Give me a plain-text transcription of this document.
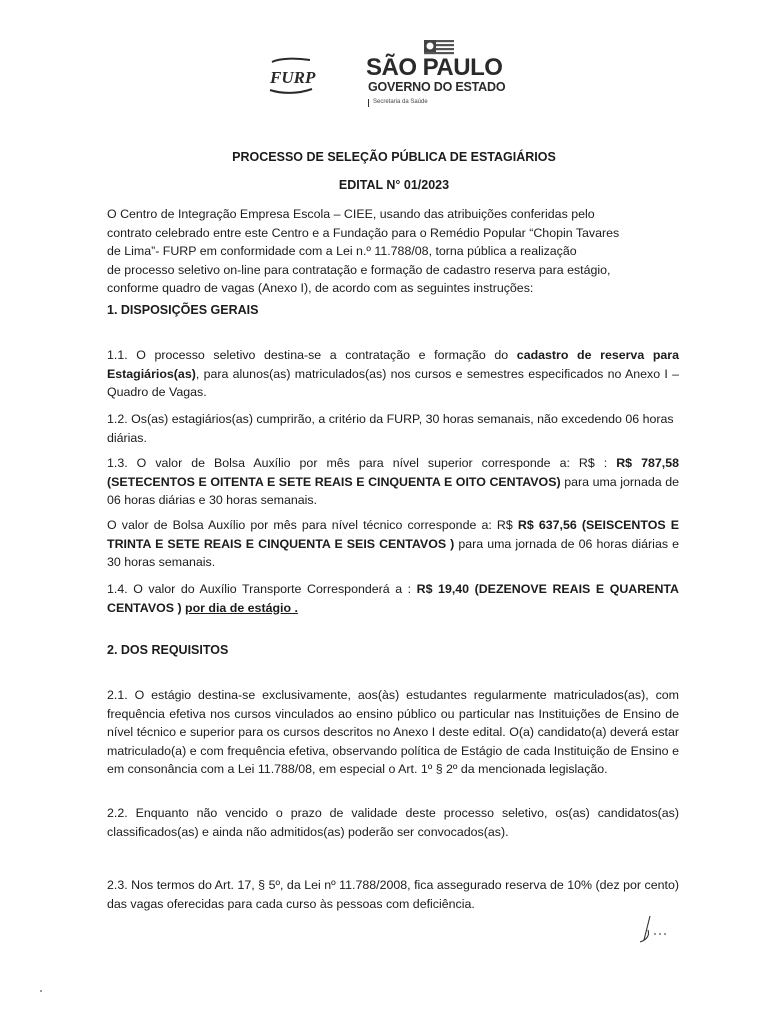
FURP SÃO PAULO
GOVERNO DO ESTADO
Secretaria da Saúde
PROCESSO DE SELEÇÃO PÚBLICA DE ESTAGIÁRIOS
EDITAL N° 01/2023
O Centro de Integração Empresa Escola – CIEE, usando das atribuições conferidas pelo
contrato celebrado entre este Centro e a Fundação para o Remédio Popular “Chopin Tavares
de Lima”- FURP em conformidade com a Lei n.º 11.788/08, torna pública a realização
de processo seletivo on-line para contratação e formação de cadastro reserva para estágio,
conforme quadro de vagas (Anexo I), de acordo com as seguintes instruções:
1. DISPOSIÇÕES GERAIS
1.1. O processo seletivo destina-se a contratação e formação do cadastro de reserva para Estagiários(as), para alunos(as) matriculados(as) nos cursos e semestres especificados no Anexo I – Quadro de Vagas.
1.2. Os(as) estagiários(as) cumprirão, a critério da FURP, 30 horas semanais, não excedendo 06 horas diárias.
1.3. O valor de Bolsa Auxílio por mês para nível superior corresponde a: R$ : R$ 787,58 (SETECENTOS E OITENTA E SETE REAIS E CINQUENTA E OITO CENTAVOS) para uma jornada de 06 horas diárias e 30 horas semanais.
O valor de Bolsa Auxílio por mês para nível técnico corresponde a: R$ R$ 637,56 (SEISCENTOS E TRINTA E SETE REAIS E CINQUENTA E SEIS CENTAVOS ) para uma jornada de 06 horas diárias e 30 horas semanais.
1.4. O valor do Auxílio Transporte Corresponderá a : R$ 19,40 (DEZENOVE REAIS E QUARENTA CENTAVOS ) por dia de estágio .
2. DOS REQUISITOS
2.1. O estágio destina-se exclusivamente, aos(às) estudantes regularmente matriculados(as), com frequência efetiva nos cursos vinculados ao ensino público ou particular nas Instituições de Ensino de nível técnico e superior para os cursos descritos no Anexo I deste edital. O(a) candidato(a) deverá estar matriculado(a) e com frequência efetiva, observando política de Estágio de cada Instituição de Ensino e em consonância com a Lei 11.788/08, em especial o Art. 1º § 2º da mencionada legislação.
2.2. Enquanto não vencido o prazo de validade deste processo seletivo, os(as) candidatos(as) classificados(as) e ainda não admitidos(as) poderão ser convocados(as).
2.3. Nos termos do Art. 17, § 5º, da Lei nº 11.788/2008, fica assegurado reserva de 10% (dez por cento) das vagas oferecidas para cada curso às pessoas com deficiência.
